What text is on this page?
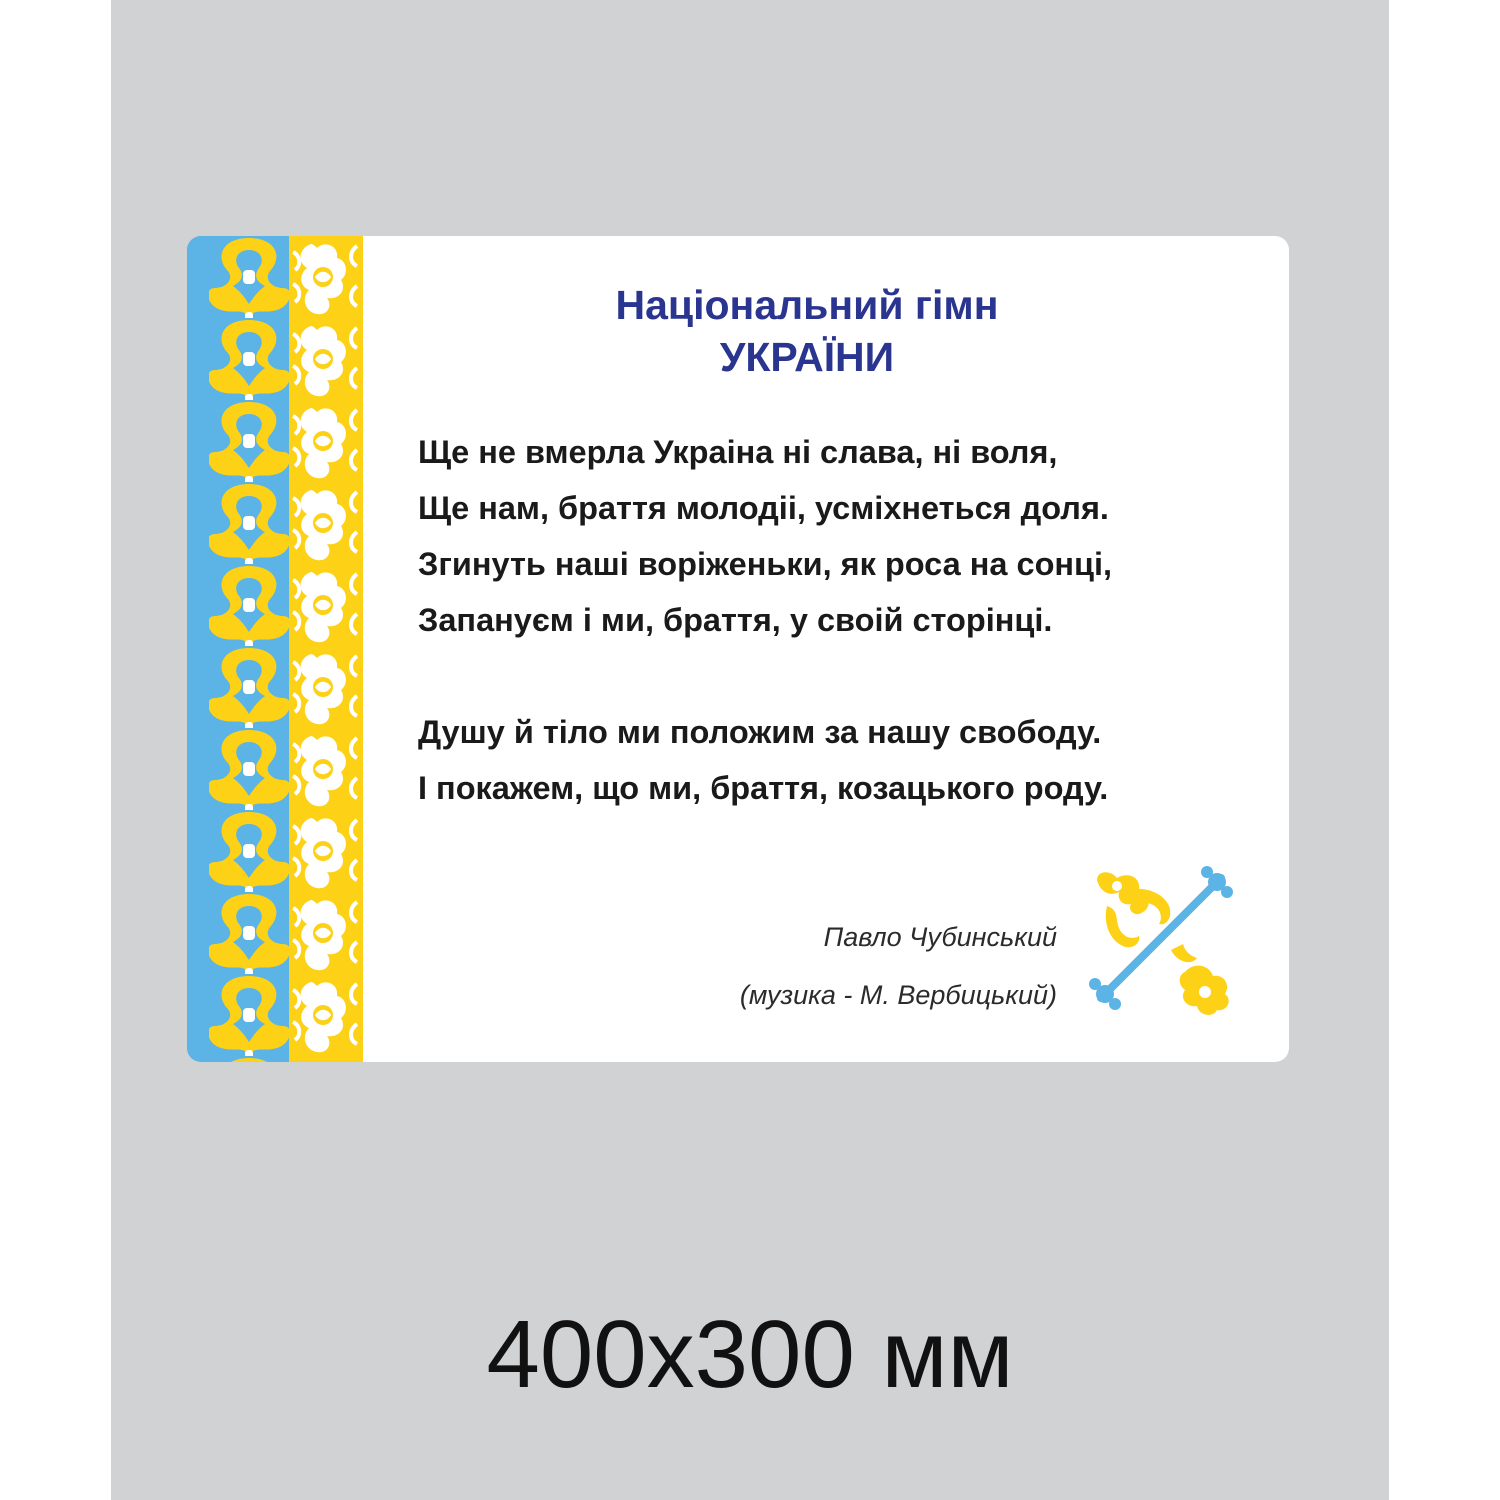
Національний гімн
УКРАЇНИ

Ще не вмерла Украіна ні слава, ні воля,

Ще нам, браття молодіі, усміхнеться доля.

Згинуть наші воріженьки, як роса на сонці,

Запануєм і ми, браття, у своій сторінці.

Душу й тіло ми положим за нашу свободу.

І покажем, що ми, браття, козацького роду.

Павло Чубинський

(музика - М. Вербицький)

400х300 мм
